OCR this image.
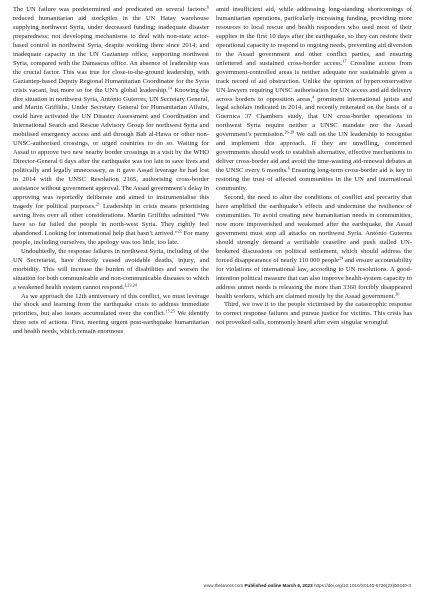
The UN failure was predetermined and predicated on several factors:$^6$ reduced humanitarian aid stockpiles in the UN Hatay warehouse supplying northwest Syria, under decreased funding; inadequate disaster preparedness; not developing mechanisms to deal with non-state actor-based control in northwest Syria, despite working there since 2014; and inadequate capacity in the UN Gaziantep office, supporting northwest Syria, compared with the Damascus office. An absence of leadership was the crucial factor. This was true for close-to-the-ground leadership, with Gaziantep-based Deputy Regional Humanitarian Coordinator for the Syria crisis vacant, but more so for the UN’s global leadership.$^{14}$ Knowing the dire situation in northwest Syria, António Guterres, UN Secretary General, and Martin Griffiths, Under Secretary General for Humanitarian Affairs, could have activated the UN Disaster Assessment and Coordination and International Search and Rescue Advisory Group for northwest Syria and mobilised emergency access and aid through Bab al-Hawa or other non-UNSC-authorised crossings, or urged countries to do so. Waiting for Assad to approve two new nearby border crossings in a visit by the WHO Director-General 6 days after the earthquake was too late to save lives and politically and legally unnecessary, as it gave Assad leverage he had lost in 2014 with the UNSC Resolution 2165, authorising cross-border assistance without government approval. The Assad government’s delay in approving was reportedly deliberate and aimed to instrumentalise this tragedy for political purposes.$^{21}$ Leadership in crisis means prioritising saving lives over all other considerations. Martin Griffiths admitted “We have so far failed the people in north-west Syria. They rightly feel abandoned. Looking for international help that hasn’t arrived.”$^{22}$ For many people, including ourselves, the apology was too little, too late.

Undoubtedly, the response failures in northwest Syria, including of the UN Secretariat, have directly caused avoidable deaths, injury, and morbidity. This will increase the burden of disabilities and worsen the situation for both communicable and non-communicable diseases to which a weakened health system cannot respond.$^{2,23,24}$

As we approach the 12th anniversary of this conflict, we must leverage the shock and learning from the earthquake crisis to address immediate priorities, but also issues accumulated over the conflict.$^{15,25}$ We identify three sets of actions. First, meeting urgent post-earthquake humanitarian and health needs, which remain enormous

amid insufficient aid, while addressing long-standing shortcomings of humanitarian operations, particularly increasing funding, providing more resources to local rescue and health responders who used most of their supplies in the first 10 days after the earthquake, so they can restore their operational capacity to respond to ongoing needs, preventing aid diversion to the Assad government and other conflict parties, and ensuring unfettered and sustained cross-border access.$^{17}$ Crossline access from government-controlled areas is neither adequate nor sustainable given a track record of aid obstruction. Unlike the opinion of hyperconservative UN lawyers requiring UNSC authorisation for UN access and aid delivery across borders to opposition areas,$^4$ prominent international jurists and legal scholars indicated in 2014, and recently reiterated on the basis of a Guernica 37 Chambers study, that UN cross-border operations to northwest Syria require neither a UNSC mandate nor the Assad government’s permission.$^{26-28}$ We call on the UN leadership to recognise and implement this approach. If they are unwilling, concerned governments should work to establish alternative, effective mechanisms to deliver cross-border aid and avoid the time-wasting aid-renewal debates at the UNSC every 6 months.$^6$ Ensuring long-term cross-border aid is key to restoring the trust of affected communities in the UN and international community.

Second, the need to alter the conditions of conflict and precarity that have amplified the earthquake’s effects and undermine the resilience of communities. To avoid creating new humanitarian needs in communities, now more impoverished and weakened after the earthquake, the Assad government must stop all attacks on northwest Syria. António Guterres should strongly demand a verifiable ceasefire and push stalled UN-brokered discussions on political settlement, which should address the forced disappearance of nearly 110 000 people$^{29}$ and ensure accountability for violations of international law, according to UN resolutions. A good-intention political measure that can also improve health-system capacity to address unmet needs is releasing the more than 3360 forcibly disappeared health workers, which are claimed mostly by the Assad government.$^{30}$

Third, we owe it to the people victimised by the catastrophic response to correct response failures and pursue justice for victims. This crisis has not provoked calls, commonly heard after even singular wrongful

www.thelancet.com Published online March 6, 2023 https://doi.org/10.1016/S0140-6736(23)00440-3
